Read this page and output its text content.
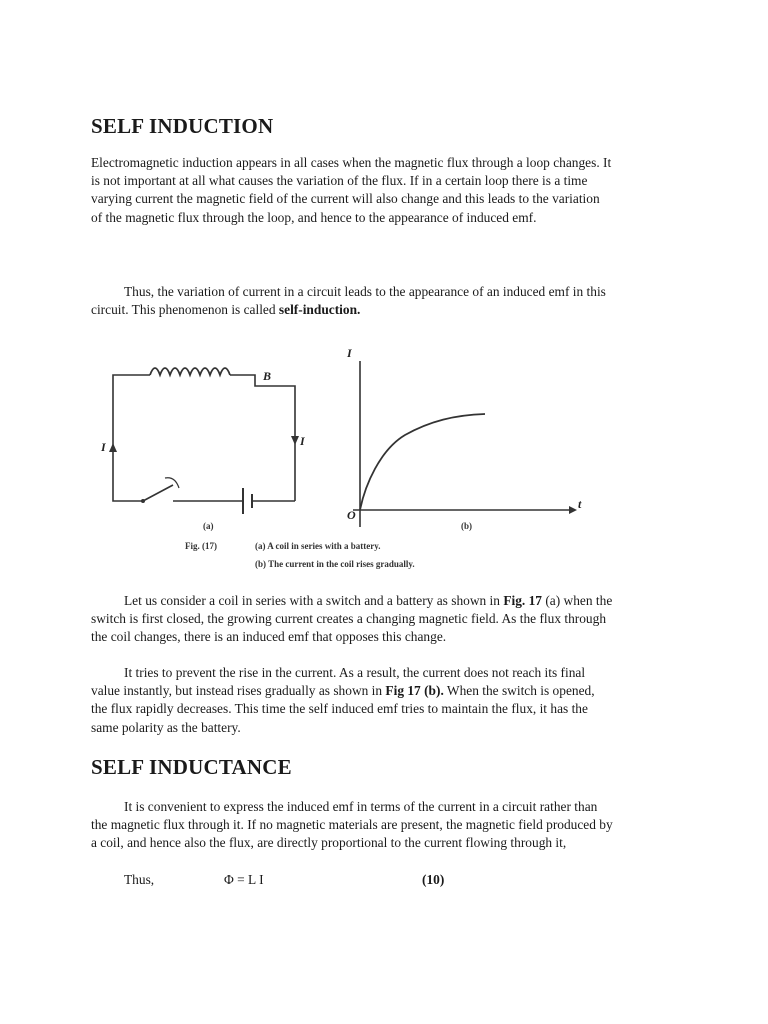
SELF INDUCTION

Electromagnetic induction appears in all cases when the magnetic flux through a loop changes. It
is not important at all what causes the variation of the flux. If in a certain loop there is a time
varying current the magnetic field of the current will also change and this leads to the variation
of the magnetic flux through the loop, and hence to the appearance of induced emf.

Thus, the variation of current in a circuit leads to the appearance of an induced emf in this
circuit. This phenomenon is called self-induction.

B
I	I
I
t
O
(a)	(b)
Fig. (17)	(a) A coil in series with a battery.
(b) The current in the coil rises gradually.

Let us consider a coil in series with a switch and a battery as shown in Fig. 17 (a) when the
switch is first closed, the growing current creates a changing magnetic field. As the flux through
the coil changes, there is an induced emf that opposes this change.

It tries to prevent the rise in the current. As a result, the current does not reach its final
value instantly, but instead rises gradually as shown in Fig 17 (b). When the switch is opened,
the flux rapidly decreases. This time the self induced emf tries to maintain the flux, it has the
same polarity as the battery.

SELF INDUCTANCE

It is convenient to express the induced emf in terms of the current in a circuit rather than
the magnetic flux through it. If no magnetic materials are present, the magnetic field produced by
a coil, and hence also the flux, are directly proportional to the current flowing through it,

Thus,	Φ = L I	(10)
